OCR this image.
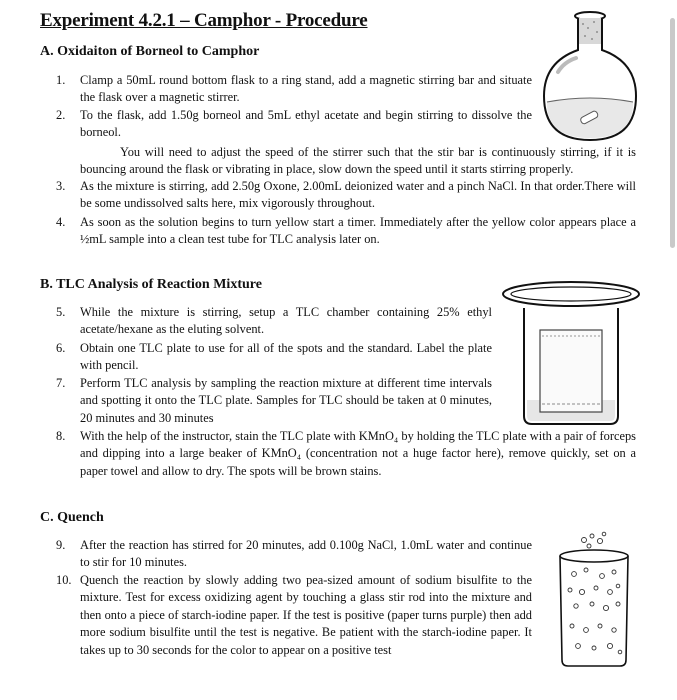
Experiment 4.2.1 – Camphor - Procedure
A. Oxidaiton of Borneol to Camphor
1. Clamp a 50mL round bottom flask to a ring stand, add a magnetic stirring bar and situate the flask over a magnetic stirrer.
2. To the flask, add 1.50g borneol and 5mL ethyl acetate and begin stirring to dissolve the borneol.
You will need to adjust the speed of the stirrer such that the stir bar is continuously stirring, if it is bouncing around the flask or vibrating in place, slow down the speed until it starts stirring properly.
3. As the mixture is stirring, add 2.50g Oxone, 2.00mL deionized water and a pinch NaCl. In that order.There will be some undissolved salts here, mix vigorously throughout.
4. As soon as the solution begins to turn yellow start a timer. Immediately after the yellow color appears place a ½mL sample into a clean test tube for TLC analysis later on.
B. TLC Analysis of Reaction Mixture
5. While the mixture is stirring, setup a TLC chamber containing 25% ethyl acetate/hexane as the eluting solvent.
6. Obtain one TLC plate to use for all of the spots and the standard. Label the plate with pencil.
7. Perform TLC analysis by sampling the reaction mixture at different time intervals and spotting it onto the TLC plate. Samples for TLC should be taken at 0 minutes, 20 minutes and 30 minutes
8. With the help of the instructor, stain the TLC plate with KMnO₄ by holding the TLC plate with a pair of forceps and dipping into a large beaker of KMnO₄ (concentration not a huge factor here), remove quickly, set on a paper towel and allow to dry. The spots will be brown stains.
C. Quench
9. After the reaction has stirred for 20 minutes, add 0.100g NaCl, 1.0mL water and continue to stir for 10 minutes.
10. Quench the reaction by slowly adding two pea-sized amount of sodium bisulfite to the mixture. Test for excess oxidizing agent by touching a glass stir rod into the mixture and then onto a piece of starch-iodine paper. If the test is positive (paper turns purple) then add more sodium bisulfite until the test is negative. Be patient with the starch-iodine paper. It takes up to 30 seconds for the color to appear on a positive test
